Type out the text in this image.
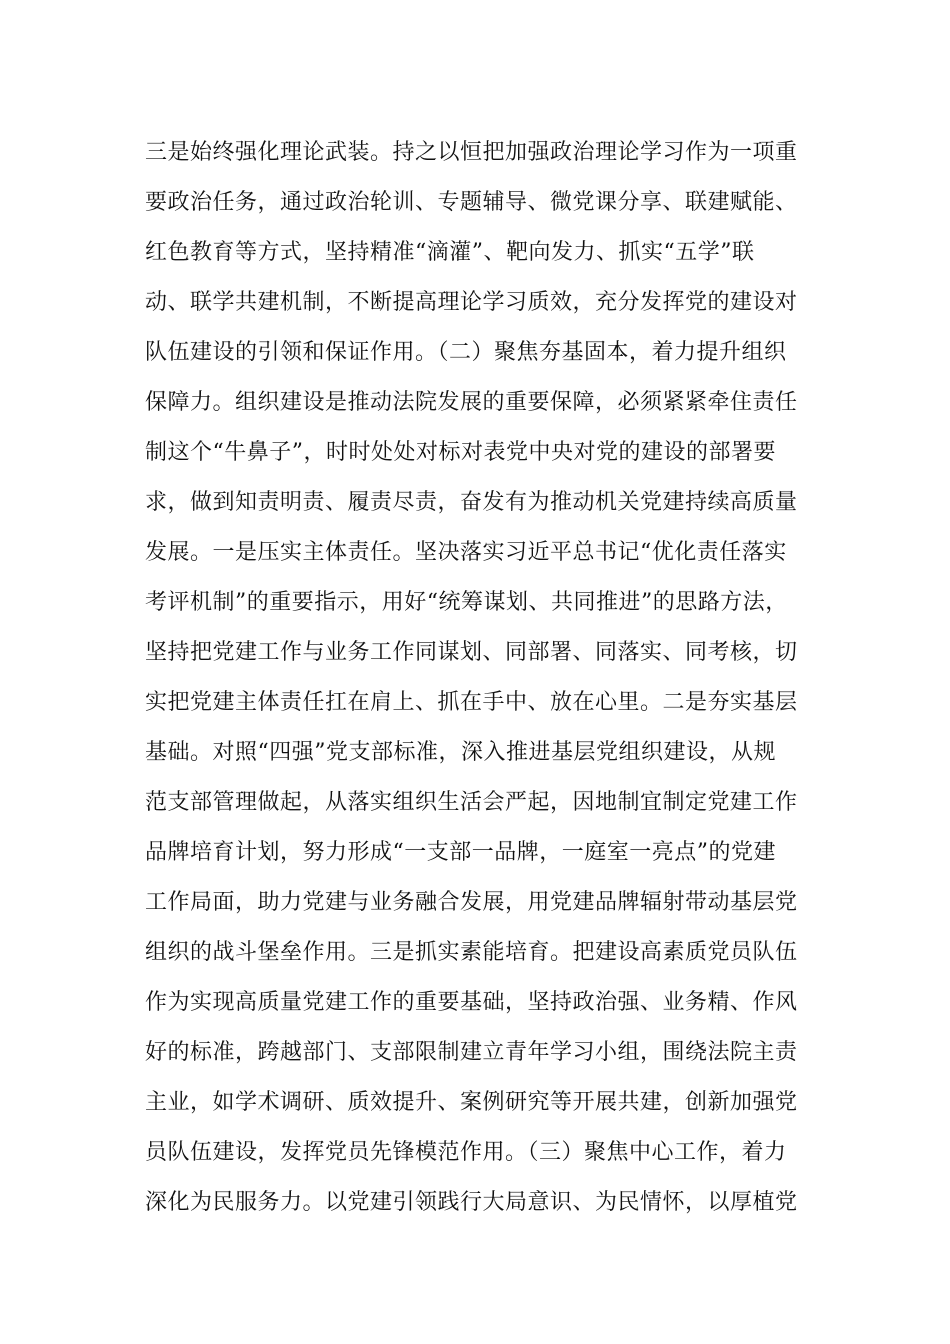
三是始终强化理论武装。持之以恒把加强政治理论学习作为一项重
要政治任务，通过政治轮训、专题辅导、微党课分享、联建赋能、
红色教育等方式，坚持精准“滴灌”、靶向发力、抓实“五学”联
动、联学共建机制，不断提高理论学习质效，充分发挥党的建设对
队伍建设的引领和保证作用。（二）聚焦夯基固本，着力提升组织
保障力。组织建设是推动法院发展的重要保障，必须紧紧牵住责任
制这个“牛鼻子”，时时处处对标对表党中央对党的建设的部署要
求，做到知责明责、履责尽责，奋发有为推动机关党建持续高质量
发展。一是压实主体责任。坚决落实习近平总书记“优化责任落实
考评机制”的重要指示，用好“统筹谋划、共同推进”的思路方法，
坚持把党建工作与业务工作同谋划、同部署、同落实、同考核，切
实把党建主体责任扛在肩上、抓在手中、放在心里。二是夯实基层
基础。对照“四强”党支部标准，深入推进基层党组织建设，从规
范支部管理做起，从落实组织生活会严起，因地制宜制定党建工作
品牌培育计划，努力形成“一支部一品牌，一庭室一亮点”的党建
工作局面，助力党建与业务融合发展，用党建品牌辐射带动基层党
组织的战斗堡垒作用。三是抓实素能培育。把建设高素质党员队伍
作为实现高质量党建工作的重要基础，坚持政治强、业务精、作风
好的标准，跨越部门、支部限制建立青年学习小组，围绕法院主责
主业，如学术调研、质效提升、案例研究等开展共建，创新加强党
员队伍建设，发挥党员先锋模范作用。（三）聚焦中心工作，着力
深化为民服务力。以党建引领践行大局意识、为民情怀，以厚植党
